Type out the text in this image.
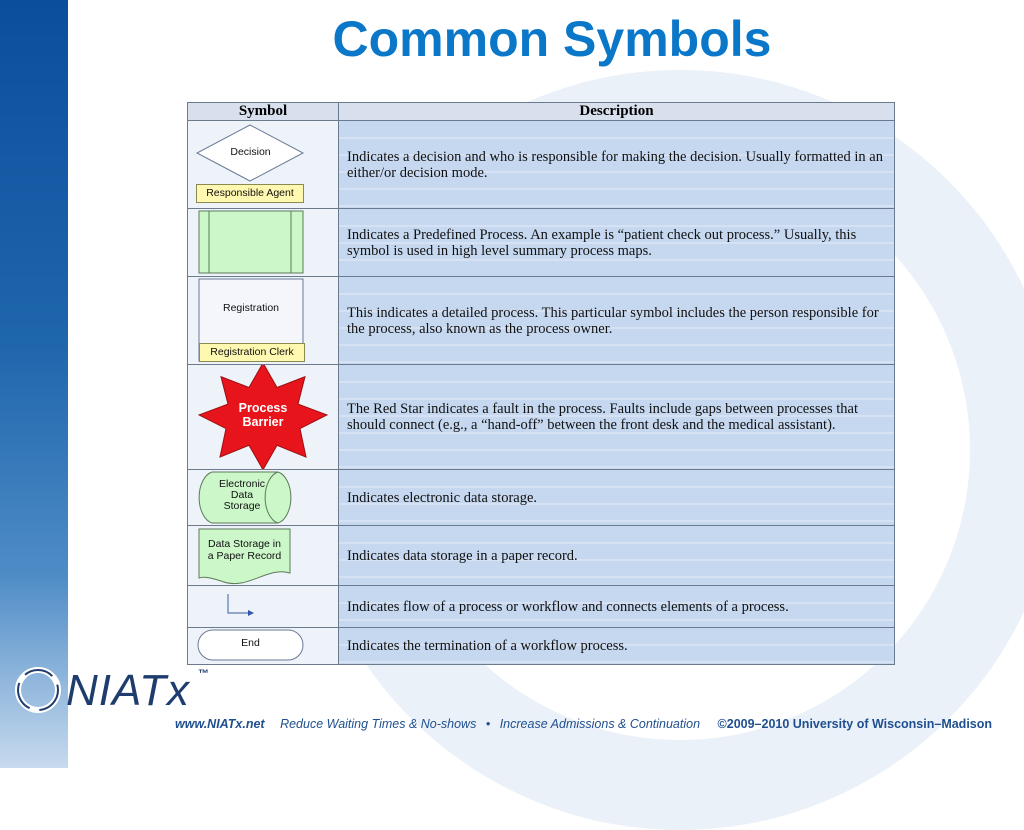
Common Symbols
Symbol	Description

Decision
Responsible Agent	Indicates a decision and who is responsible for making the decision. Usually formatted in an either/or decision mode.

	Indicates a Predefined Process. An example is “patient check out process.” Usually, this symbol is used in high level summary process maps.

Registration
Registration Clerk	This indicates a detailed process. This particular symbol includes the person responsible for the process, also known as the process owner.

Process
Barrier	The Red Star indicates a fault in the process. Faults include gaps between processes that should connect (e.g., a “hand-off” between the front desk and the medical assistant).

Electronic
Data
Storage	Indicates electronic data storage.

Data Storage in
a Paper Record	Indicates data storage in a paper record.

	Indicates flow of a process or workflow and connects elements of a process.

End	Indicates the termination of a workflow process.
NIATx ™
www.NIATx.net Reduce Waiting Times & No-shows • Increase Admissions & Continuation ©2009–2010 University of Wisconsin–Madison
